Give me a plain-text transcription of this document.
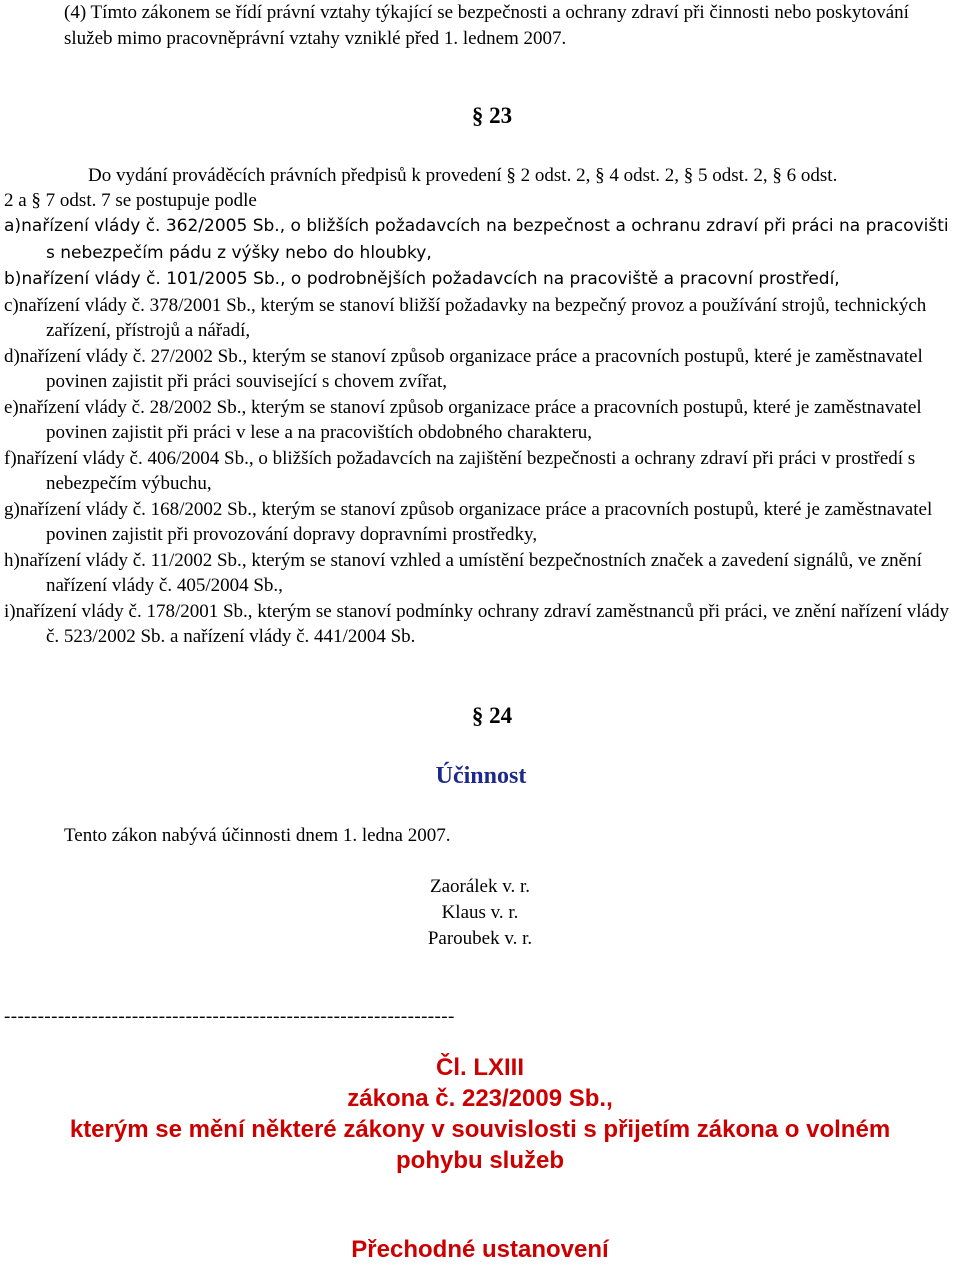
(4) Tímto zákonem se řídí právní vztahy týkající se bezpečnosti a ochrany zdraví při činnosti nebo poskytování služeb mimo pracovněprávní vztahy vzniklé před 1. lednem 2007.
§ 23
Do vydání prováděcích právních předpisů k provedení § 2 odst. 2, § 4 odst. 2, § 5 odst. 2, § 6 odst.
2 a § 7 odst. 7 se postupuje podle
a)nařízení vlády č. 362/2005 Sb., o bližších požadavcích na bezpečnost a ochranu zdraví při práci na pracovišti s nebezpečím pádu z výšky nebo do hloubky,
b)nařízení vlády č. 101/2005 Sb., o podrobnějších požadavcích na pracoviště a pracovní prostředí,
c)nařízení vlády č. 378/2001 Sb., kterým se stanoví bližší požadavky na bezpečný provoz a používání strojů, technických zařízení, přístrojů a nářadí,
d)nařízení vlády č. 27/2002 Sb., kterým se stanoví způsob organizace práce a pracovních postupů, které je zaměstnavatel povinen zajistit při práci související s chovem zvířat,
e)nařízení vlády č. 28/2002 Sb., kterým se stanoví způsob organizace práce a pracovních postupů, které je zaměstnavatel povinen zajistit při práci v lese a na pracovištích obdobného charakteru,
f)nařízení vlády č. 406/2004 Sb., o bližších požadavcích na zajištění bezpečnosti a ochrany zdraví při práci v prostředí s nebezpečím výbuchu,
g)nařízení vlády č. 168/2002 Sb., kterým se stanoví způsob organizace práce a pracovních postupů, které je zaměstnavatel povinen zajistit při provozování dopravy dopravními prostředky,
h)nařízení vlády č. 11/2002 Sb., kterým se stanoví vzhled a umístění bezpečnostních značek a zavedení signálů, ve znění nařízení vlády č. 405/2004 Sb.,
i)nařízení vlády č. 178/2001 Sb., kterým se stanoví podmínky ochrany zdraví zaměstnanců při práci, ve znění nařízení vlády č. 523/2002 Sb. a nařízení vlády č. 441/2004 Sb.
§ 24
Účinnost
Tento zákon nabývá účinnosti dnem 1. ledna 2007.
Zaorálek v. r.
Klaus v. r.
Paroubek v. r.
-------------------------------------------------------------------
Čl. LXIII
zákona č. 223/2009 Sb.,
kterým se mění některé zákony v souvislosti s přijetím zákona o volném pohybu služeb
Přechodné ustanovení
